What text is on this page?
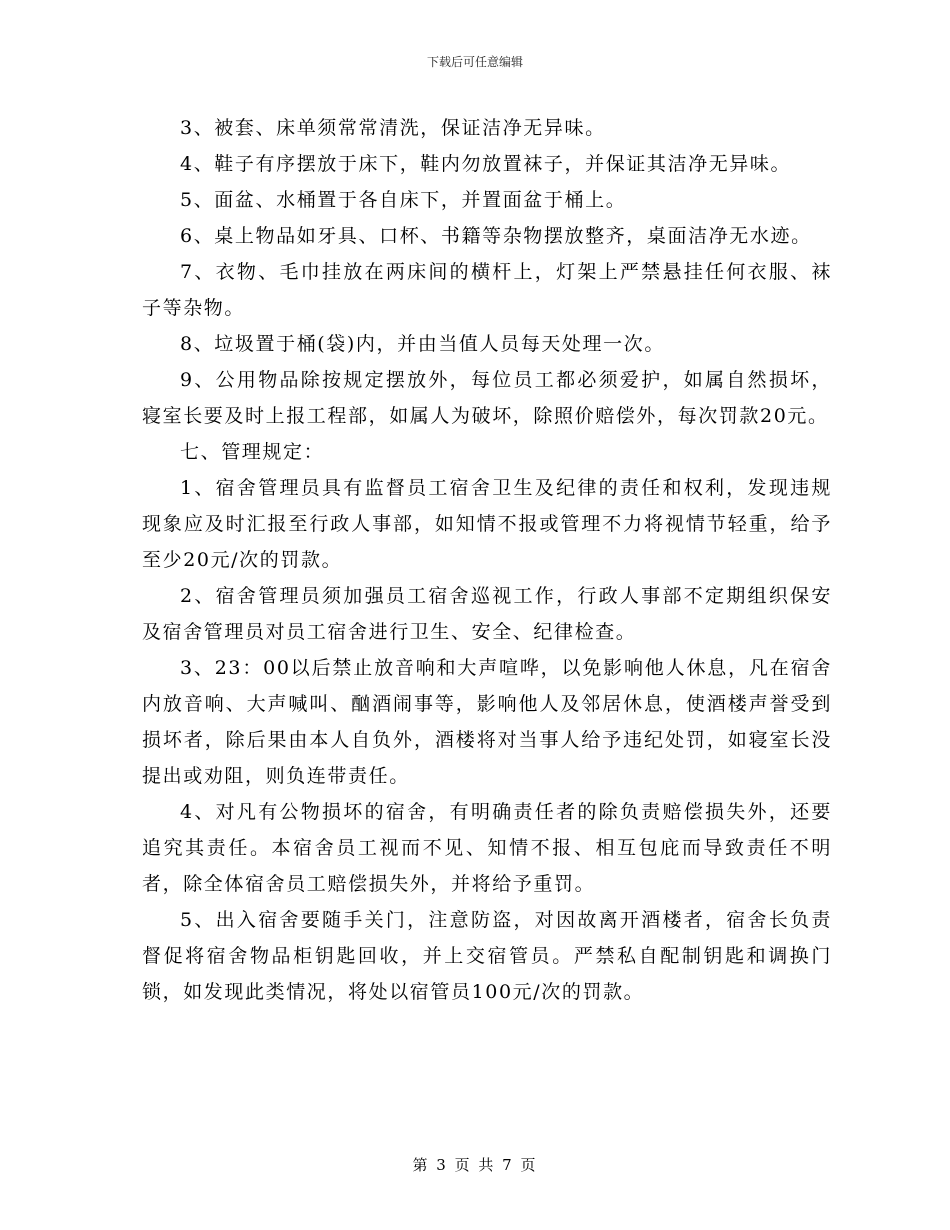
下载后可任意编辑

3、被套、床单须常常清洗，保证洁净无异味。

4、鞋子有序摆放于床下，鞋内勿放置袜子，并保证其洁净无异味。

5、面盆、水桶置于各自床下，并置面盆于桶上。

6、桌上物品如牙具、口杯、书籍等杂物摆放整齐，桌面洁净无水迹。

7、衣物、毛巾挂放在两床间的横杆上，灯架上严禁悬挂任何衣服、袜子等杂物。

8、垃圾置于桶(袋)内，并由当值人员每天处理一次。

9、公用物品除按规定摆放外，每位员工都必须爱护，如属自然损坏，寝室长要及时上报工程部，如属人为破坏，除照价赔偿外，每次罚款20元。

七、管理规定：

1、宿舍管理员具有监督员工宿舍卫生及纪律的责任和权利，发现违规现象应及时汇报至行政人事部，如知情不报或管理不力将视情节轻重，给予至少20元/次的罚款。

2、宿舍管理员须加强员工宿舍巡视工作，行政人事部不定期组织保安及宿舍管理员对员工宿舍进行卫生、安全、纪律检查。

3、23：00以后禁止放音响和大声喧哗，以免影响他人休息，凡在宿舍内放音响、大声喊叫、酗酒闹事等，影响他人及邻居休息，使酒楼声誉受到损坏者，除后果由本人自负外，酒楼将对当事人给予违纪处罚，如寝室长没提出或劝阻，则负连带责任。

4、对凡有公物损坏的宿舍，有明确责任者的除负责赔偿损失外，还要追究其责任。本宿舍员工视而不见、知情不报、相互包庇而导致责任不明者，除全体宿舍员工赔偿损失外，并将给予重罚。

5、出入宿舍要随手关门，注意防盗，对因故离开酒楼者，宿舍长负责督促将宿舍物品柜钥匙回收，并上交宿管员。严禁私自配制钥匙和调换门锁，如发现此类情况，将处以宿管员100元/次的罚款。

第 3 页 共 7 页
